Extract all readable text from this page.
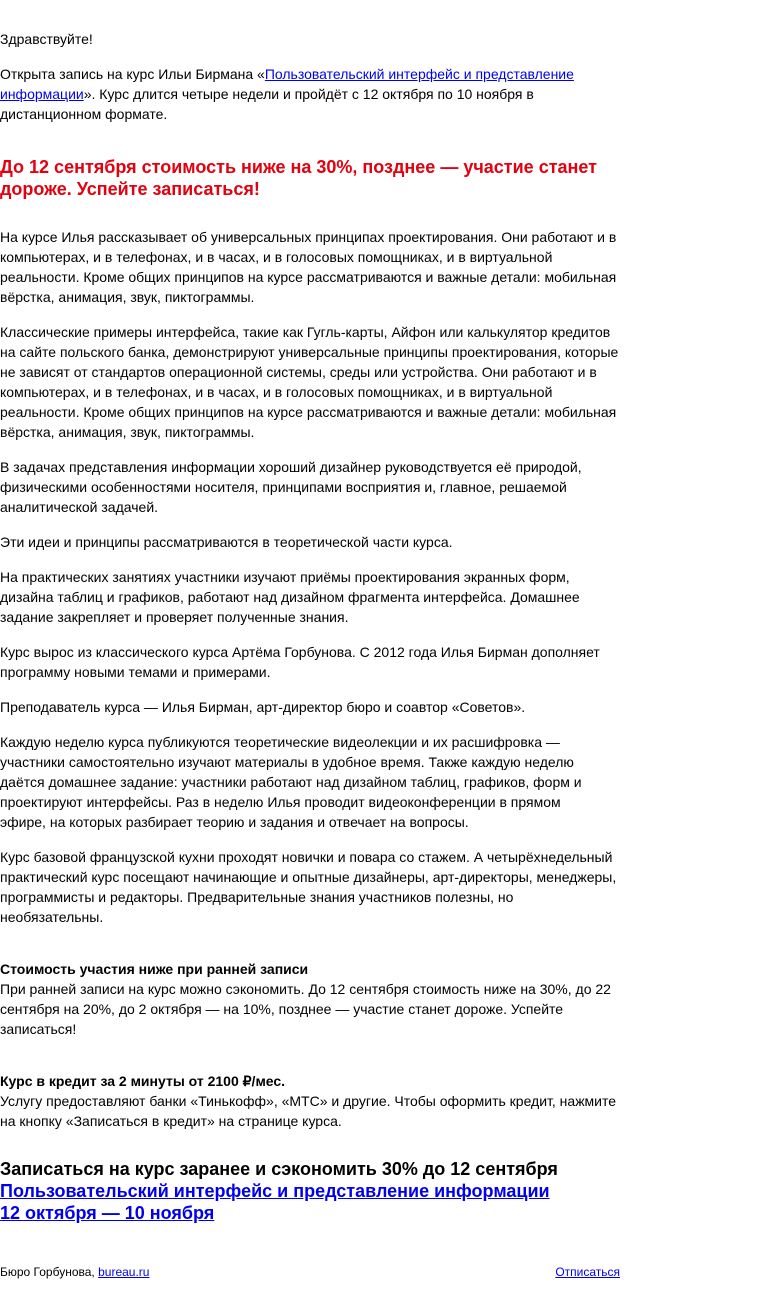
Здравствуйте!

Открыта запись на курс Ильи Бирмана «Пользовательский интерфейс и представление информации». Курс длится четыре недели и пройдёт с 12 октября по 10 ноября в дистанционном формате.

До 12 сентября стоимость ниже на 30%, позднее — участие станет дороже. Успейте записаться!

На курсе Илья рассказывает об универсальных принципах проектирования. Они работают и в компьютерах, и в телефонах, и в часах, и в голосовых помощниках, и в виртуальной реальности. Кроме общих принципов на курсе рассматриваются и важные детали: мобильная вёрстка, анимация, звук, пиктограммы.

Классические примеры интерфейса, такие как Гугль-карты, Айфон или калькулятор кредитов на сайте польского банка, демонстрируют универсальные принципы проектирования, которые не зависят от стандартов операционной системы, среды или устройства. Они работают и в компьютерах, и в телефонах, и в часах, и в голосовых помощниках, и в виртуальной реальности. Кроме общих принципов на курсе рассматриваются и важные детали: мобильная вёрстка, анимация, звук, пиктограммы.

В задачах представления информации хороший дизайнер руководствуется её природой, физическими особенностями носителя, принципами восприятия и, главное, решаемой аналитической задачей.

Эти идеи и принципы рассматриваются в теоретической части курса.

На практических занятиях участники изучают приёмы проектирования экранных форм, дизайна таблиц и графиков, работают над дизайном фрагмента интерфейса. Домашнее задание закрепляет и проверяет полученные знания.

Курс вырос из классического курса Артёма Горбунова. С 2012 года Илья Бирман дополняет программу новыми темами и примерами.

Преподаватель курса — Илья Бирман, арт-директор бюро и соавтор «Советов».

Каждую неделю курса публикуются теоретические видеолекции и их расшифровка — участники самостоятельно изучают материалы в удобное время. Также каждую неделю даётся домашнее задание: участники работают над дизайном таблиц, графиков, форм и проектируют интерфейсы. Раз в неделю Илья проводит видеоконференции в прямом эфире, на которых разбирает теорию и задания и отвечает на вопросы.

Курс базовой французской кухни проходят новички и повара со стажем. А четырёхнедельный практический курс посещают начинающие и опытные дизайнеры, арт-директоры, менеджеры, программисты и редакторы. Предварительные знания участников полезны, но необязательны.

Стоимость участия ниже при ранней записи

При ранней записи на курс можно сэкономить. До 12 сентября стоимость ниже на 30%, до 22 сентября на 20%, до 2 октября — на 10%, позднее — участие станет дороже. Успейте записаться!

Курс в кредит за 2 минуты от 2100 ₽/мес.

Услугу предоставляют банки «Тинькофф», «МТС» и другие. Чтобы оформить кредит, нажмите на кнопку «Записаться в кредит» на странице курса.

Записаться на курс заранее и сэкономить 30% до 12 сентября

Пользовательский интерфейс и представление информации

12 октября — 10 ноября

Бюро Горбунова, bureau.ru	Отписаться
